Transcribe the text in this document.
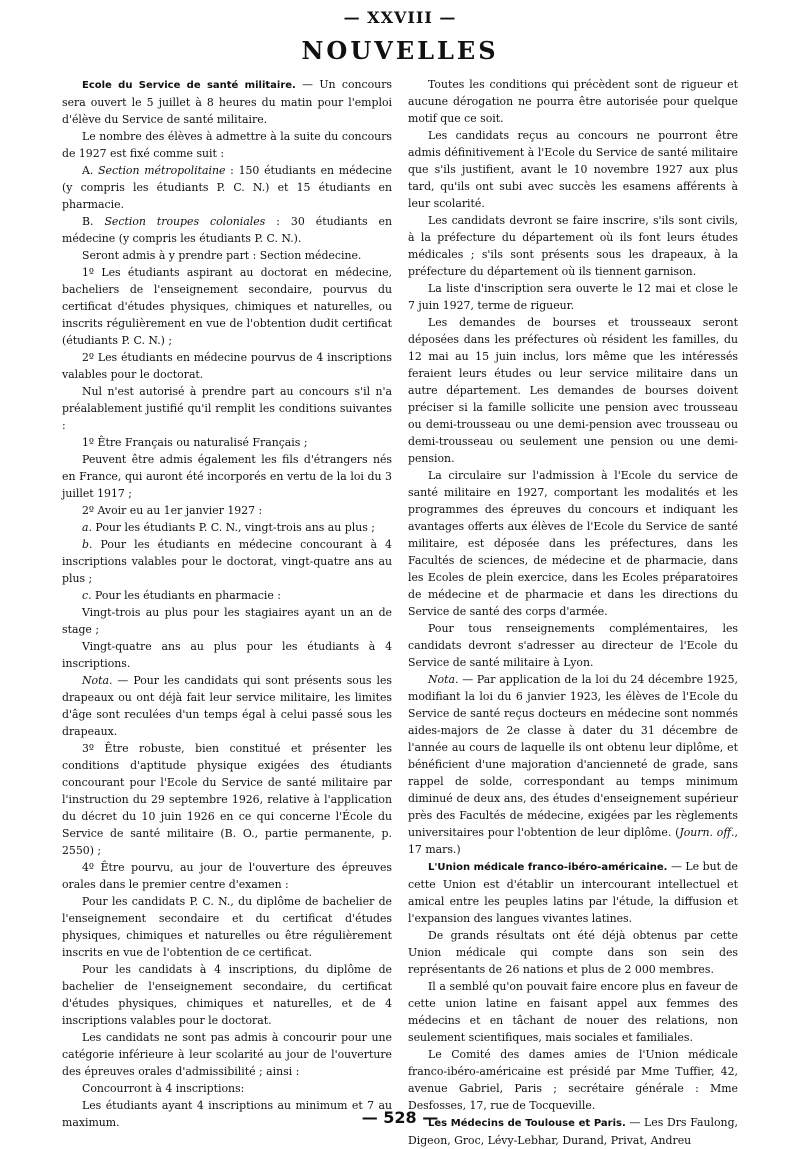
— XXVIII —
NOUVELLES

Ecole du Service de santé militaire. — Un concours sera ouvert le 5 juillet à 8 heures du matin pour l'emploi d'élève du Service de santé militaire.

Le nombre des élèves à admettre à la suite du concours de 1927 est fixé comme suit :

A. Section métropolitaine : 150 étudiants en médecine (y compris les étudiants P. C. N.) et 15 étudiants en pharmacie.

B. Section troupes coloniales : 30 étudiants en médecine (y compris les étudiants P. C. N.).

Seront admis à y prendre part : Section médecine.

1º Les étudiants aspirant au doctorat en médecine, bacheliers de l'enseignement secondaire, pourvus du certificat d'études physiques, chimiques et naturelles, ou inscrits régulièrement en vue de l'obtention dudit certificat (étudiants P. C. N.) ;

2º Les étudiants en médecine pourvus de 4 inscriptions valables pour le doctorat.

Nul n'est autorisé à prendre part au concours s'il n'a préalablement justifié qu'il remplit les conditions suivantes :

1º Être Français ou naturalisé Français ;

Peuvent être admis également les fils d'étrangers nés en France, qui auront été incorporés en vertu de la loi du 3 juillet 1917 ;

2º Avoir eu au 1er janvier 1927 :

a. Pour les étudiants P. C. N., vingt-trois ans au plus ;

b. Pour les étudiants en médecine concourant à 4 inscriptions valables pour le doctorat, vingt-quatre ans au plus ;

c. Pour les étudiants en pharmacie :

Vingt-trois au plus pour les stagiaires ayant un an de stage ;

Vingt-quatre ans au plus pour les étudiants à 4 inscriptions.

Nota. — Pour les candidats qui sont présents sous les drapeaux ou ont déjà fait leur service militaire, les limites d'âge sont reculées d'un temps égal à celui passé sous les drapeaux.

3º Être robuste, bien constitué et présenter les conditions d'aptitude physique exigées des étudiants concourant pour l'Ecole du Service de santé militaire par l'instruction du 29 septembre 1926, relative à l'application du décret du 10 juin 1926 en ce qui concerne l'École du Service de santé militaire (B. O., partie permanente, p. 2550) ;

4º Être pourvu, au jour de l'ouverture des épreuves orales dans le premier centre d'examen :

Pour les candidats P. C. N., du diplôme de bachelier de l'enseignement secondaire et du certificat d'études physiques, chimiques et naturelles ou être régulièrement inscrits en vue de l'obtention de ce certificat.

Pour les candidats à 4 inscriptions, du diplôme de bachelier de l'enseignement secondaire, du certificat d'études physiques, chimiques et naturelles, et de 4 inscriptions valables pour le doctorat.

Les candidats ne sont pas admis à concourir pour une catégorie inférieure à leur scolarité au jour de l'ouverture des épreuves orales d'admissibilité ; ainsi :

Concourront à 4 inscriptions:

Les étudiants ayant 4 inscriptions au minimum et 7 au maximum.

Toutes les conditions qui précèdent sont de rigueur et aucune dérogation ne pourra être autorisée pour quelque motif que ce soit.

Les candidats reçus au concours ne pourront être admis définitivement à l'Ecole du Service de santé militaire que s'ils justifient, avant le 10 novembre 1927 aux plus tard, qu'ils ont subi avec succès les esamens afférents à leur scolarité.

Les candidats devront se faire inscrire, s'ils sont civils, à la préfecture du département où ils font leurs études médicales ; s'ils sont présents sous les drapeaux, à la préfecture du département où ils tiennent garnison.

La liste d'inscription sera ouverte le 12 mai et close le 7 juin 1927, terme de rigueur.

Les demandes de bourses et trousseaux seront déposées dans les préfectures où résident les familles, du 12 mai au 15 juin inclus, lors même que les intéressés feraient leurs études ou leur service militaire dans un autre département. Les demandes de bourses doivent préciser si la famille sollicite une pension avec trousseau ou demi-trousseau ou une demi-pension avec trousseau ou demi-trousseau ou seulement une pension ou une demi-pension.

La circulaire sur l'admission à l'Ecole du service de santé militaire en 1927, comportant les modalités et les programmes des épreuves du concours et indiquant les avantages offerts aux élèves de l'Ecole du Service de santé militaire, est déposée dans les préfectures, dans les Facultés de sciences, de médecine et de pharmacie, dans les Ecoles de plein exercice, dans les Ecoles préparatoires de médecine et de pharmacie et dans les directions du Service de santé des corps d'armée.

Pour tous renseignements complémentaires, les candidats devront s'adresser au directeur de l'Ecole du Service de santé militaire à Lyon.

Nota. — Par application de la loi du 24 décembre 1925, modifiant la loi du 6 janvier 1923, les élèves de l'Ecole du Service de santé reçus docteurs en médecine sont nommés aides-majors de 2e classe à dater du 31 décembre de l'année au cours de laquelle ils ont obtenu leur diplôme, et bénéficient d'une majoration d'ancienneté de grade, sans rappel de solde, correspondant au temps minimum diminué de deux ans, des études d'enseignement supérieur près des Facultés de médecine, exigées par les règlements universitaires pour l'obtention de leur diplôme. (Journ. off., 17 mars.)

L'Union médicale franco-ibéro-américaine. — Le but de cette Union est d'établir un intercourant intellectuel et amical entre les peuples latins par l'étude, la diffusion et l'expansion des langues vivantes latines.

De grands résultats ont été déjà obtenus par cette Union médicale qui compte dans son sein des représentants de 26 nations et plus de 2 000 membres.

Il a semblé qu'on pouvait faire encore plus en faveur de cette union latine en faisant appel aux femmes des médecins et en tâchant de nouer des relations, non seulement scientifiques, mais sociales et familiales.

Le Comité des dames amies de l'Union médicale franco-ibéro-américaine est présidé par Mme Tuffier, 42, avenue Gabriel, Paris ; secrétaire générale : Mme Desfosses, 17, rue de Tocqueville.

Les Médecins de Toulouse et Paris. — Les Drs Faulong, Digeon, Groc, Lévy-Lebhar, Durand, Privat, Andreu

— 528 —
